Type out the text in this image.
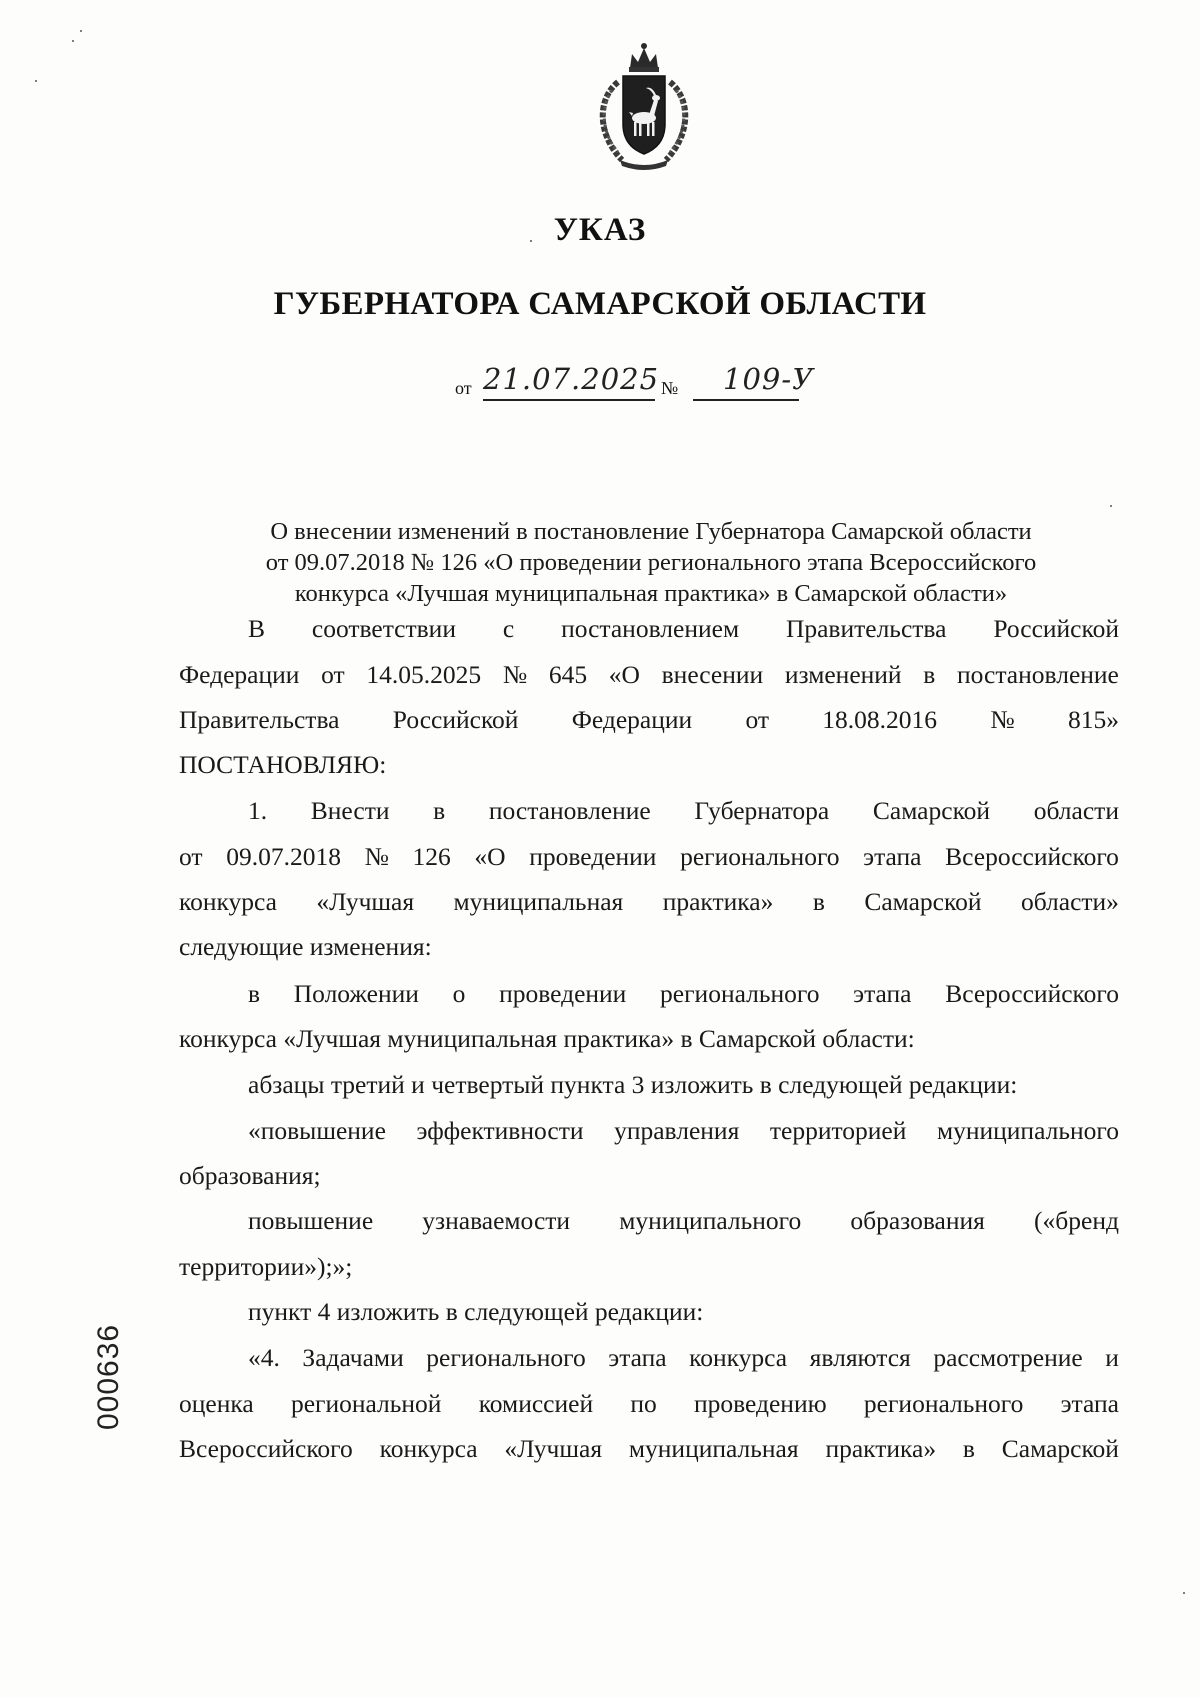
УКАЗ
ГУБЕРНАТОРА САМАРСКОЙ ОБЛАСТИ
от 21.07.2025 № 109-У
О внесении изменений в постановление Губернатора Самарской области
от 09.07.2018 № 126 «О проведении регионального этапа Всероссийского
конкурса «Лучшая муниципальная практика» в Самарской области»
В соответствии с постановлением Правительства Российской
Федерации от 14.05.2025 № 645 «О внесении изменений в постановление
Правительства Российской Федерации от 18.08.2016 № 815»
ПОСТАНОВЛЯЮ:
1. Внести в постановление Губернатора Самарской области
от 09.07.2018 № 126 «О проведении регионального этапа Всероссийского
конкурса «Лучшая муниципальная практика» в Самарской области»
следующие изменения:
в Положении о проведении регионального этапа Всероссийского
конкурса «Лучшая муниципальная практика» в Самарской области:
абзацы третий и четвертый пункта 3 изложить в следующей редакции:
«повышение эффективности управления территорией муниципального
образования;
повышение узнаваемости муниципального образования («бренд
территории»);»;
пункт 4 изложить в следующей редакции:
«4. Задачами регионального этапа конкурса являются рассмотрение и
оценка региональной комиссией по проведению регионального этапа
Всероссийского конкурса «Лучшая муниципальная практика» в Самарской
000636
